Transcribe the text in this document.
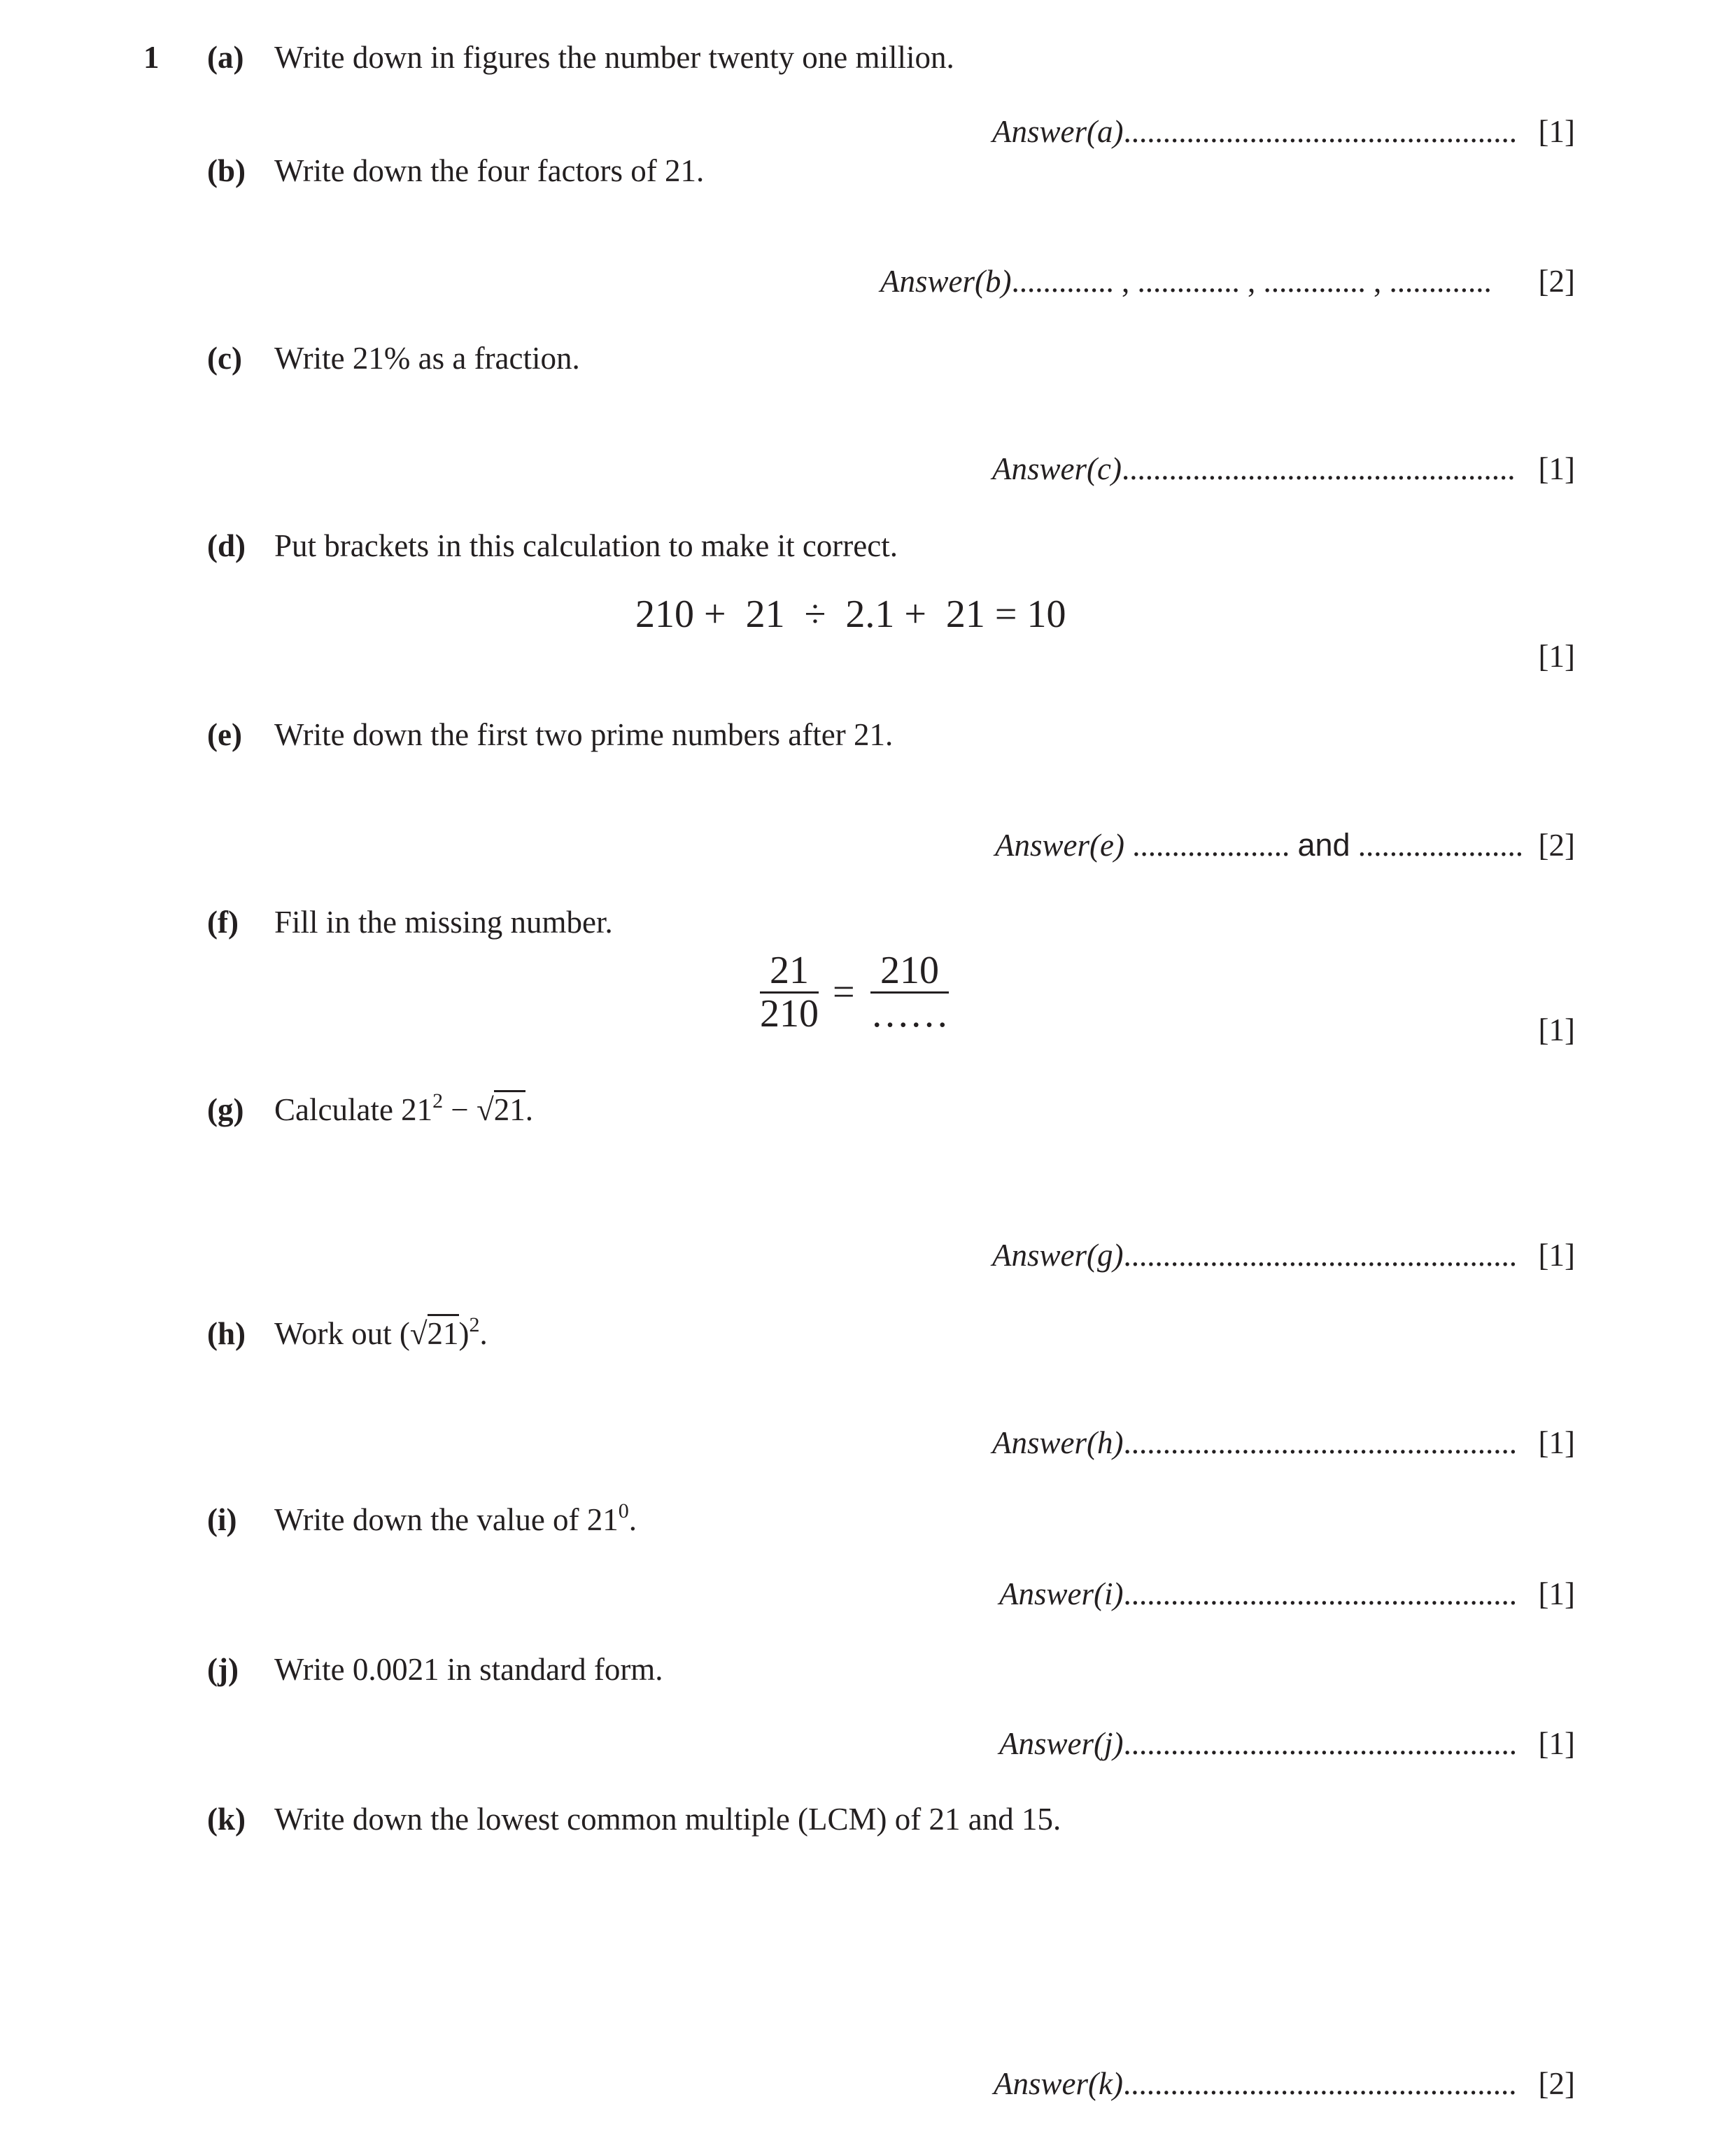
1 (a) Write down in figures the number twenty one million.
Answer(a).................................................. [1]
(b) Write down the four factors of 21.
Answer(b)............. , ............. , ............. , ............. [2]
(c) Write 21% as a fraction.
Answer(c).................................................. [1]
(d) Put brackets in this calculation to make it correct.
210 +  21  ÷  2.1 +  21 = 10
[1]
(e) Write down the first two prime numbers after 21.
Answer(e) .................... and ..................... [2]
(f) Fill in the missing number.
$\frac{21}{210} = 210$
……	[1]
(g) Calculate $21^2 - √21$.
Answer(g).................................................. [1]
(h) Work out $(√21)^2$.
Answer(h).................................................. [1]
(i) Write down the value of $21^0$.
Answer(i).................................................. [1]
(j) Write 0.0021 in standard form.
Answer(j).................................................. [1]
(k) Write down the lowest common multiple (LCM) of 21 and 15.
Answer(k).................................................. [2]
